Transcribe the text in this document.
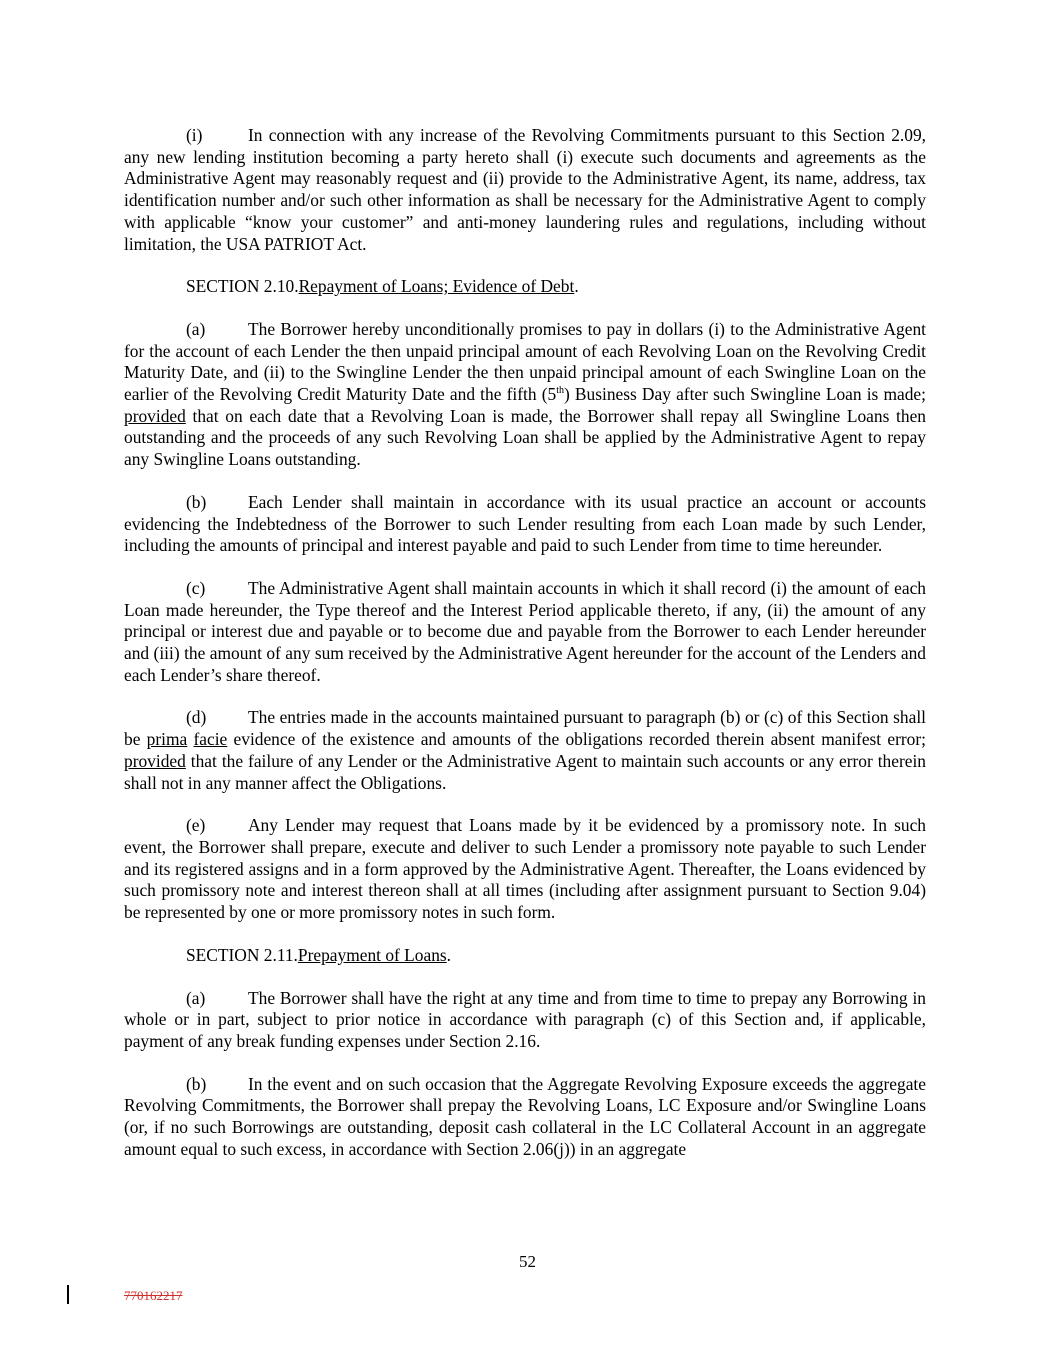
(i)	In connection with any increase of the Revolving Commitments pursuant to this Section 2.09, any new lending institution becoming a party hereto shall (i) execute such documents and agreements as the Administrative Agent may reasonably request and (ii) provide to the Administrative Agent, its name, address, tax identification number and/or such other information as shall be necessary for the Administrative Agent to comply with applicable “know your customer” and anti-money laundering rules and regulations, including without limitation, the USA PATRIOT Act.

SECTION 2.10.Repayment of Loans; Evidence of Debt.

(a) The Borrower hereby unconditionally promises to pay in dollars (i) to the Administrative Agent for the account of each Lender the then unpaid principal amount of each Revolving Loan on the Revolving Credit Maturity Date, and (ii) to the Swingline Lender the then unpaid principal amount of each Swingline Loan on the earlier of the Revolving Credit Maturity Date and the fifth (5th) Business Day after such Swingline Loan is made; provided that on each date that a Revolving Loan is made, the Borrower shall repay all Swingline Loans then outstanding and the proceeds of any such Revolving Loan shall be applied by the Administrative Agent to repay any Swingline Loans outstanding.

(b) Each Lender shall maintain in accordance with its usual practice an account or accounts evidencing the Indebtedness of the Borrower to such Lender resulting from each Loan made by such Lender, including the amounts of principal and interest payable and paid to such Lender from time to time hereunder.

(c) The Administrative Agent shall maintain accounts in which it shall record (i) the amount of each Loan made hereunder, the Type thereof and the Interest Period applicable thereto, if any, (ii) the amount of any principal or interest due and payable or to become due and payable from the Borrower to each Lender hereunder and (iii) the amount of any sum received by the Administrative Agent hereunder for the account of the Lenders and each Lender’s share thereof.

(d) The entries made in the accounts maintained pursuant to paragraph (b) or (c) of this Section shall be prima facie evidence of the existence and amounts of the obligations recorded therein absent manifest error; provided that the failure of any Lender or the Administrative Agent to maintain such accounts or any error therein shall not in any manner affect the Obligations.

(e) Any Lender may request that Loans made by it be evidenced by a promissory note. In such event, the Borrower shall prepare, execute and deliver to such Lender a promissory note payable to such Lender and its registered assigns and in a form approved by the Administrative Agent. Thereafter, the Loans evidenced by such promissory note and interest thereon shall at all times (including after assignment pursuant to Section 9.04) be represented by one or more promissory notes in such form.

SECTION 2.11.Prepayment of Loans.

(a) The Borrower shall have the right at any time and from time to time to prepay any Borrowing in whole or in part, subject to prior notice in accordance with paragraph (c) of this Section and, if applicable, payment of any break funding expenses under Section 2.16.

(b) In the event and on such occasion that the Aggregate Revolving Exposure exceeds the aggregate Revolving Commitments, the Borrower shall prepay the Revolving Loans, LC Exposure and/or Swingline Loans (or, if no such Borrowings are outstanding, deposit cash collateral in the LC Collateral Account in an aggregate amount equal to such excess, in accordance with Section 2.06(j)) in an aggregate

52
770162217
